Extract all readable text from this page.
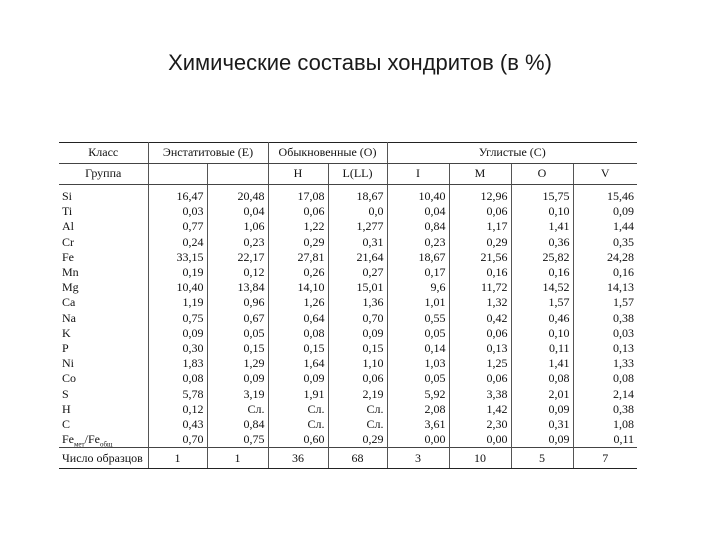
Химические составы хондритов (в %)
Класс	Энстатитовые (E)		Обыкновенные (O)		Углистые (C)			
Группа			H	L(LL)	I	M	O	V
Si	16,47	20,48	17,08	18,67	10,40	12,96	15,75	15,46
Ti	0,03	0,04	0,06	0,0	0,04	0,06	0,10	0,09
Al	0,77	1,06	1,22	1,277	0,84	1,17	1,41	1,44
Cr	0,24	0,23	0,29	0,31	0,23	0,29	0,36	0,35
Fe	33,15	22,17	27,81	21,64	18,67	21,56	25,82	24,28
Mn	0,19	0,12	0,26	0,27	0,17	0,16	0,16	0,16
Mg	10,40	13,84	14,10	15,01	9,6	11,72	14,52	14,13
Ca	1,19	0,96	1,26	1,36	1,01	1,32	1,57	1,57
Na	0,75	0,67	0,64	0,70	0,55	0,42	0,46	0,38
K	0,09	0,05	0,08	0,09	0,05	0,06	0,10	0,03
P	0,30	0,15	0,15	0,15	0,14	0,13	0,11	0,13
Ni	1,83	1,29	1,64	1,10	1,03	1,25	1,41	1,33
Co	0,08	0,09	0,09	0,06	0,05	0,06	0,08	0,08
S	5,78	3,19	1,91	2,19	5,92	3,38	2,01	2,14
H	0,12	Сл.	Сл.	Сл.	2,08	1,42	0,09	0,38
C	0,43	0,84	Сл.	Сл.	3,61	2,30	0,31	1,08
$Fe_{мет}/Fe_{общ}$	0,70	0,75	0,60	0,29	0,00	0,00	0,09	0,11
Число образцов	1	1	36	68	3	10	5	7
